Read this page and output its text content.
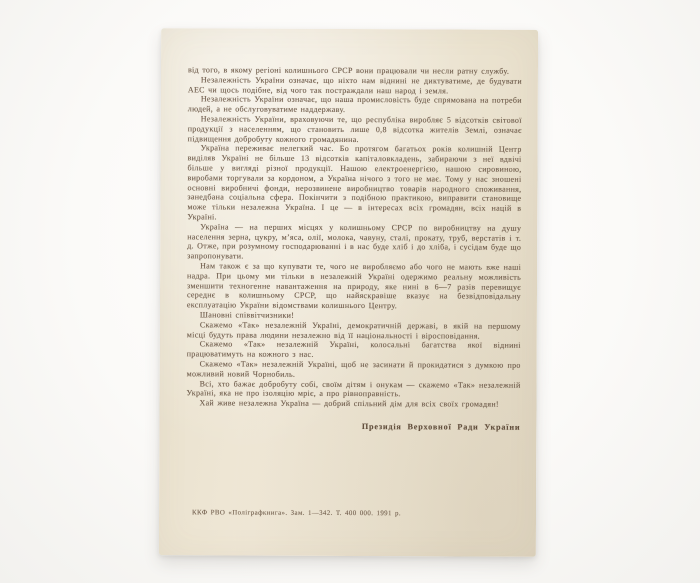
від того, в якому регіоні колишнього СРСР вони працювали чи несли ратну службу.
Незалежність України означає, що ніхто нам віднині не диктуватиме, де будувати АЕС чи щось подібне, від чого так постраждали наш народ і земля.
Незалежність України означає, що наша промисловість буде спрямована на потреби людей, а не обслуговуватиме наддержаву.
Незалежність України, враховуючи те, що республіка виробляє 5 відсотків світової продукції з населенням, що становить лише 0,8 відсотка жителів Землі, означає підвищення добробуту кожного громадянина.
Україна переживає нелегкий час. Бо протягом багатьох років колишній Центр виділяв Україні не більше 13 відсотків капіталовкладень, забираючи з неї вдвічі більше у вигляді різної продукції. Нашою електроенергією, нашою сировиною, виробами торгували за кордоном, а Україна нічого з того не має. Тому у нас зношені основні виробничі фонди, нерозвинене виробництво товарів народного споживання, занедбана соціальна сфера. Покінчити з подібною практикою, виправити становище може тільки незалежна Україна. І це — в інтересах всіх громадян, всіх націй в Україні.
Україна — на перших місцях у колишньому СРСР по виробництву на душу населення зерна, цукру, м’яса, олії, молока, чавуну, сталі, прокату, труб, верстатів і т. д. Отже, при розумному господарюванні і в нас буде хліб і до хліба, і сусідам буде що запропонувати.
Нам також є за що купувати те, чого не виробляємо або чого не мають вже наші надра. При цьому ми тільки в незалежній Україні одержимо реальну можливість зменшити техногенне навантаження на природу, яке нині в 6—7 разів перевищує середнє в колишньому СРСР, що найяскравіше вказує на безвідповідальну експлуатацію України відомствами колишнього Центру.
Шановні співвітчизники!
Скажемо «Так» незалежній Україні, демократичній державі, в якій на першому місці будуть права людини незалежно від її національності і віросповідання.
Скажемо «Так» незалежній Україні, колосальні багатства якої віднині працюватимуть на кожного з нас.
Скажемо «Так» незалежній Україні, щоб не засинати й прокидатися з думкою про можливий новий Чорнобиль.
Всі, хто бажає добробуту собі, своїм дітям і онукам — скажемо «Так» незалежній Україні, яка не про ізоляцію мріє, а про рівноправність.
Хай живе незалежна Україна — добрий спільний дім для всіх своїх громадян!
Президія Верховної Ради України
ККФ РВО «Поліграфкнига». Зам. 1—342. Т. 400 000. 1991 р.
